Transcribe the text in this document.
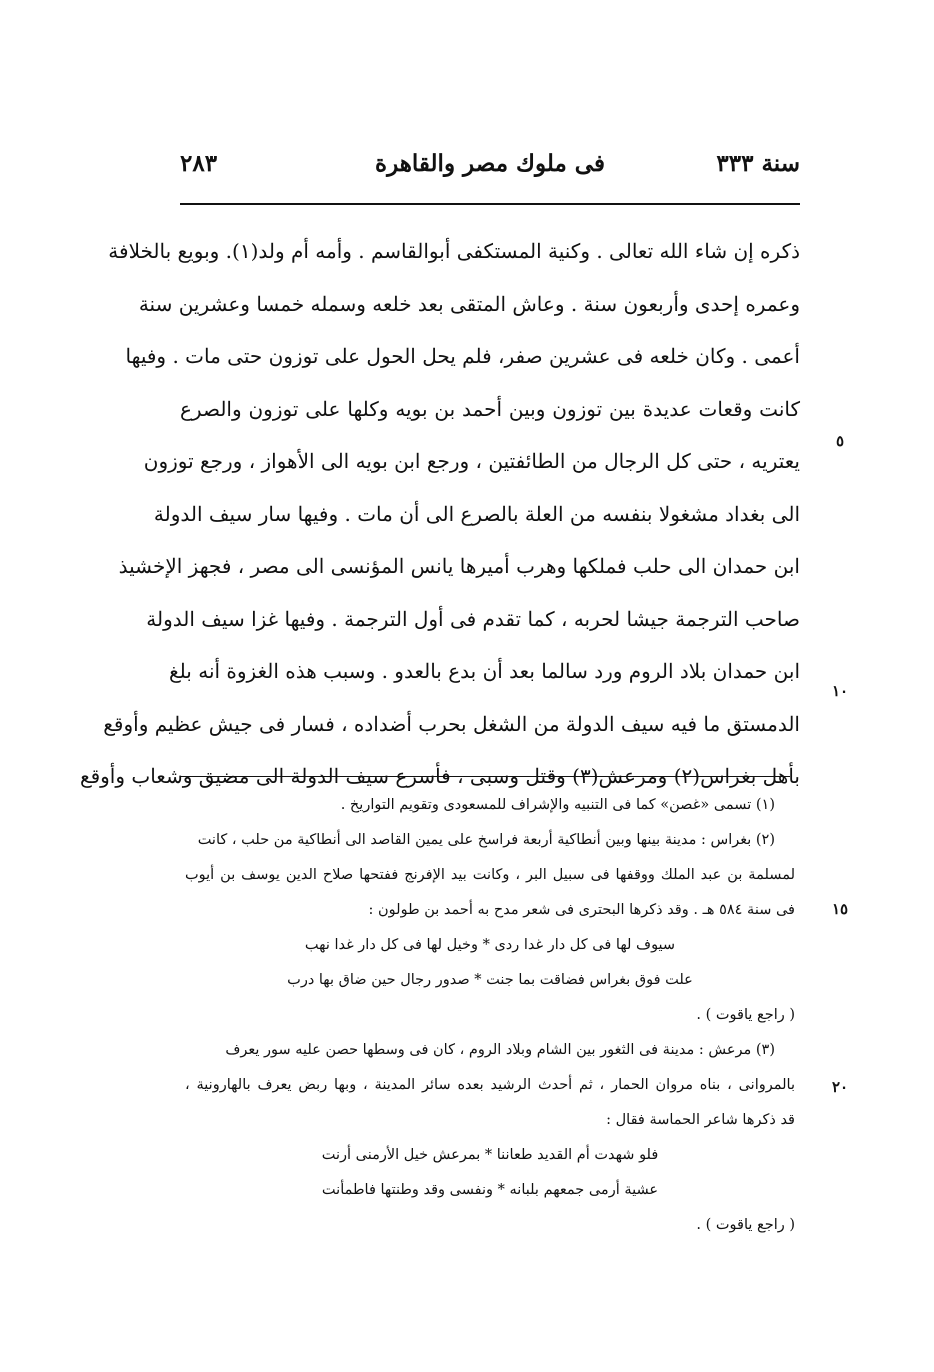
سنة ٣٣٣
فى ملوك مصر والقاهرة
٢٨٣
ذكره إن شاء الله تعالى . وكنية المستكفى أبوالقاسم . وأمه أم ولد(١). وبويع بالخلافة
وعمره إحدى وأربعون سنة . وعاش المتقى بعد خلعه وسمله خمسا وعشرين سنة
أعمى . وكان خلعه فى عشرين صفر، فلم يحل الحول على توزون حتى مات . وفيها
كانت وقعات عديدة بين توزون وبين أحمد بن بويه وكلها على توزون والصرع
يعتريه ، حتى كل الرجال من الطائفتين ، ورجع ابن بويه الى الأهواز ، ورجع توزون
الى بغداد مشغولا بنفسه من العلة بالصرع الى أن مات . وفيها سار سيف الدولة
ابن حمدان الى حلب فملكها وهرب أميرها يانس المؤنسى الى مصر ، فجهز الإخشيذ
صاحب الترجمة جيشا لحربه ، كما تقدم فى أول الترجمة . وفيها غزا سيف الدولة
ابن حمدان بلاد الروم ورد سالما بعد أن بدع بالعدو . وسبب هذه الغزوة أنه بلغ
الدمستق ما فيه سيف الدولة من الشغل بحرب أضداده ، فسار فى جيش عظيم وأوقع
بأهل بغراس(٢) ومرعش(٣) وقتل وسبى ، فأسرع سيف الدولة الى مضيق وشعاب وأوقع
٥
١٠
١٥
٢٠
(١) تسمى «غصن» كما فى التنبيه والإشراف للمسعودى وتقويم التواريخ .
(٢) بغراس : مدينة بينها وبين أنطاكية أربعة فراسخ على يمين القاصد الى أنطاكية من حلب ، كانت
لمسلمة بن عبد الملك ووقفها فى سبيل البر ، وكانت بيد الإفرنج ففتحها صلاح الدين يوسف بن أيوب
فى سنة ٥٨٤ هـ . وقد ذكرها البحترى فى شعر مدح به أحمد بن طولون :
سيوف لها فى كل دار غدا ردى * وخيل لها فى كل دار غدا نهب
علت فوق بغراس فضاقت بما جنت * صدور رجال حين ضاق بها درب
( راجع ياقوت ) .
(٣) مرعش : مدينة فى الثغور بين الشام وبلاد الروم ، كان فى وسطها حصن عليه سور يعرف
بالمروانى ، بناه مروان الحمار ، ثم أحدث الرشيد بعده سائر المدينة ، وبها ربض يعرف بالهارونية ،
قد ذكرها شاعر الحماسة فقال :
فلو شهدت أم القديد طعاننا * بمرعش خيل الأرمنى أرنت
عشية أرمى جمعهم بلبانه * ونفسى وقد وطنتها فاطمأنت
( راجع ياقوت ) .
